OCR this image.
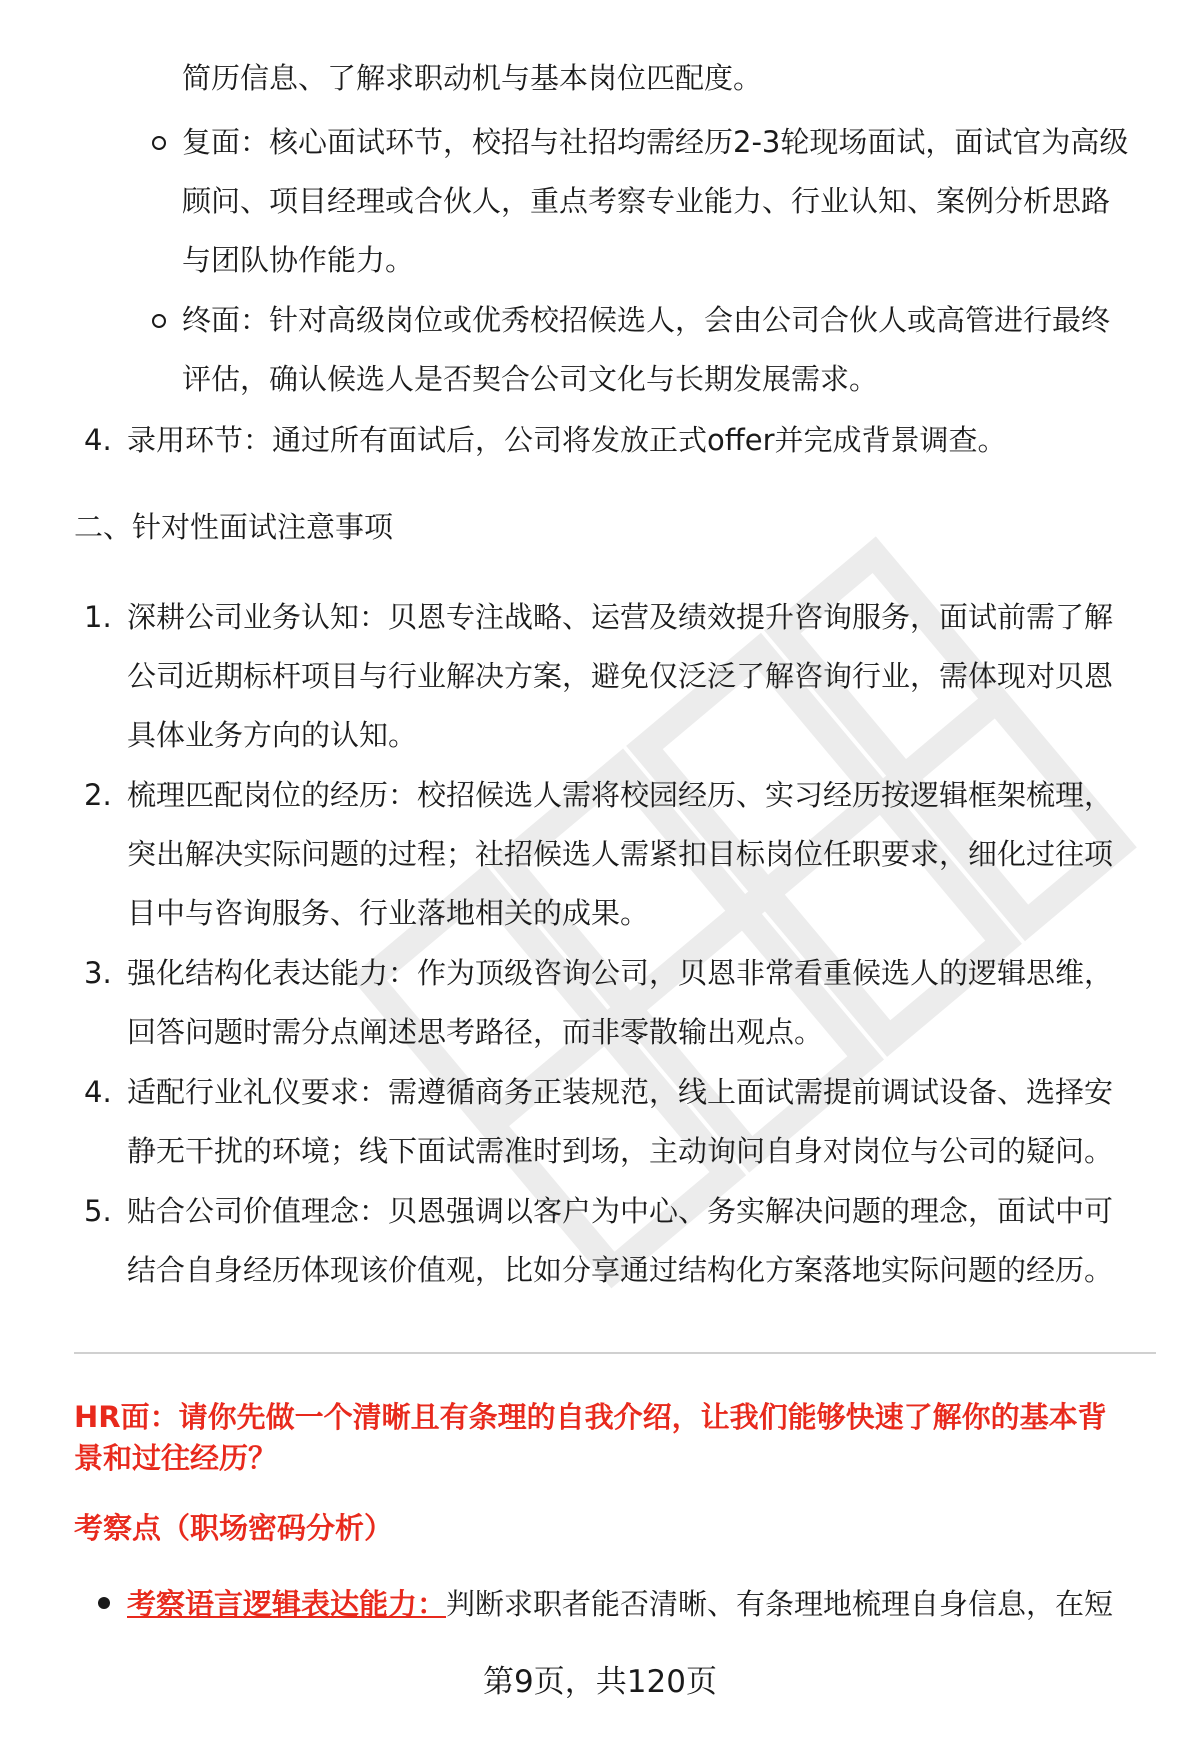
简历信息、了解求职动机与基本岗位匹配度。
复面：核心面试环节，校招与社招均需经历2-3轮现场面试，面试官为高级
顾问、项目经理或合伙人，重点考察专业能力、行业认知、案例分析思路
与团队协作能力。
终面：针对高级岗位或优秀校招候选人，会由公司合伙人或高管进行最终
评估，确认候选人是否契合公司文化与长期发展需求。
4. 录用环节：通过所有面试后，公司将发放正式offer并完成背景调查。
二、针对性面试注意事项
1. 深耕公司业务认知：贝恩专注战略、运营及绩效提升咨询服务，面试前需了解
公司近期标杆项目与行业解决方案，避免仅泛泛了解咨询行业，需体现对贝恩
具体业务方向的认知。
2. 梳理匹配岗位的经历：校招候选人需将校园经历、实习经历按逻辑框架梳理，
突出解决实际问题的过程；社招候选人需紧扣目标岗位任职要求，细化过往项
目中与咨询服务、行业落地相关的成果。
3. 强化结构化表达能力：作为顶级咨询公司，贝恩非常看重候选人的逻辑思维，
回答问题时需分点阐述思考路径，而非零散输出观点。
4. 适配行业礼仪要求：需遵循商务正装规范，线上面试需提前调试设备、选择安
静无干扰的环境；线下面试需准时到场，主动询问自身对岗位与公司的疑问。
5. 贴合公司价值理念：贝恩强调以客户为中心、务实解决问题的理念，面试中可
结合自身经历体现该价值观，比如分享通过结构化方案落地实际问题的经历。
HR面：请你先做一个清晰且有条理的自我介绍，让我们能够快速了解你的基本背
景和过往经历？
考察点（职场密码分析）
考察语言逻辑表达能力：判断求职者能否清晰、有条理地梳理自身信息，在短
第9页，共120页
